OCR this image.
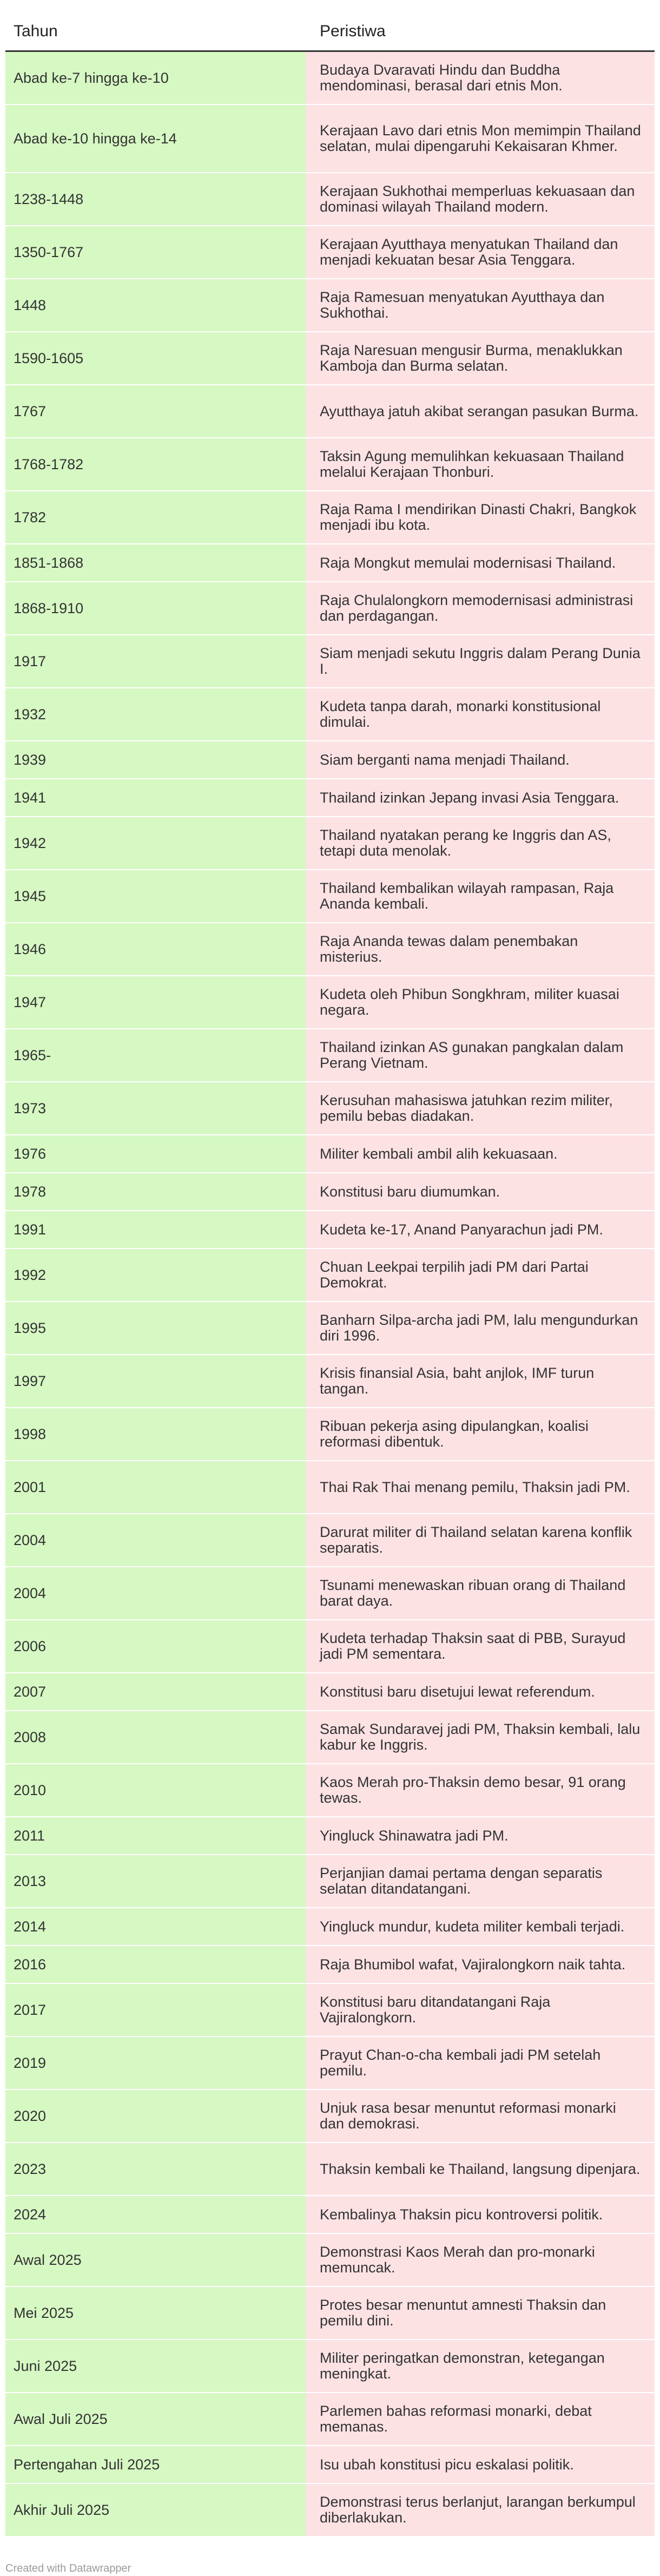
Tahun	Peristiwa
Abad ke-7 hingga ke-10	Budaya Dvaravati Hindu dan Buddha mendominasi, berasal dari etnis Mon.
Abad ke-10 hingga ke-14	Kerajaan Lavo dari etnis Mon memimpin Thailand selatan, mulai dipengaruhi Kekaisaran Khmer.
1238-1448	Kerajaan Sukhothai memperluas kekuasaan dan dominasi wilayah Thailand modern.
1350-1767	Kerajaan Ayutthaya menyatukan Thailand dan menjadi kekuatan besar Asia Tenggara.
1448	Raja Ramesuan menyatukan Ayutthaya dan Sukhothai.
1590-1605	Raja Naresuan mengusir Burma, menaklukkan Kamboja dan Burma selatan.
1767	Ayutthaya jatuh akibat serangan pasukan Burma.
1768-1782	Taksin Agung memulihkan kekuasaan Thailand melalui Kerajaan Thonburi.
1782	Raja Rama I mendirikan Dinasti Chakri, Bangkok menjadi ibu kota.
1851-1868	Raja Mongkut memulai modernisasi Thailand.
1868-1910	Raja Chulalongkorn memodernisasi administrasi dan perdagangan.
1917	Siam menjadi sekutu Inggris dalam Perang Dunia I.
1932	Kudeta tanpa darah, monarki konstitusional dimulai.
1939	Siam berganti nama menjadi Thailand.
1941	Thailand izinkan Jepang invasi Asia Tenggara.
1942	Thailand nyatakan perang ke Inggris dan AS, tetapi duta menolak.
1945	Thailand kembalikan wilayah rampasan, Raja Ananda kembali.
1946	Raja Ananda tewas dalam penembakan misterius.
1947	Kudeta oleh Phibun Songkhram, militer kuasai negara.
1965-	Thailand izinkan AS gunakan pangkalan dalam Perang Vietnam.
1973	Kerusuhan mahasiswa jatuhkan rezim militer, pemilu bebas diadakan.
1976	Militer kembali ambil alih kekuasaan.
1978	Konstitusi baru diumumkan.
1991	Kudeta ke-17, Anand Panyarachun jadi PM.
1992	Chuan Leekpai terpilih jadi PM dari Partai Demokrat.
1995	Banharn Silpa-archa jadi PM, lalu mengundurkan diri 1996.
1997	Krisis finansial Asia, baht anjlok, IMF turun tangan.
1998	Ribuan pekerja asing dipulangkan, koalisi reformasi dibentuk.
2001	Thai Rak Thai menang pemilu, Thaksin jadi PM.
2004	Darurat militer di Thailand selatan karena konflik separatis.
2004	Tsunami menewaskan ribuan orang di Thailand barat daya.
2006	Kudeta terhadap Thaksin saat di PBB, Surayud jadi PM sementara.
2007	Konstitusi baru disetujui lewat referendum.
2008	Samak Sundaravej jadi PM, Thaksin kembali, lalu kabur ke Inggris.
2010	Kaos Merah pro-Thaksin demo besar, 91 orang tewas.
2011	Yingluck Shinawatra jadi PM.
2013	Perjanjian damai pertama dengan separatis selatan ditandatangani.
2014	Yingluck mundur, kudeta militer kembali terjadi.
2016	Raja Bhumibol wafat, Vajiralongkorn naik tahta.
2017	Konstitusi baru ditandatangani Raja Vajiralongkorn.
2019	Prayut Chan-o-cha kembali jadi PM setelah pemilu.
2020	Unjuk rasa besar menuntut reformasi monarki dan demokrasi.
2023	Thaksin kembali ke Thailand, langsung dipenjara.
2024	Kembalinya Thaksin picu kontroversi politik.
Awal 2025	Demonstrasi Kaos Merah dan pro-monarki memuncak.
Mei 2025	Protes besar menuntut amnesti Thaksin dan pemilu dini.
Juni 2025	Militer peringatkan demonstran, ketegangan meningkat.
Awal Juli 2025	Parlemen bahas reformasi monarki, debat memanas.
Pertengahan Juli 2025	Isu ubah konstitusi picu eskalasi politik.
Akhir Juli 2025	Demonstrasi terus berlanjut, larangan berkumpul diberlakukan.
Created with Datawrapper
